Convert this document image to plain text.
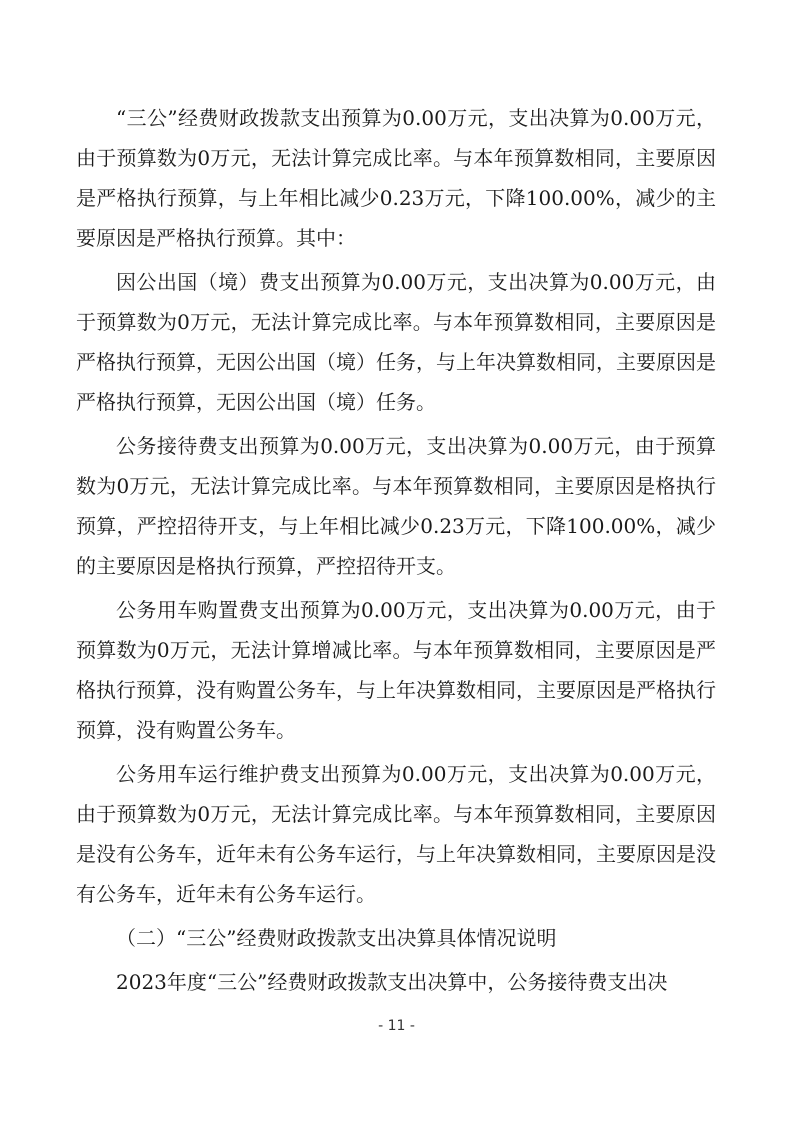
“三公”经费财政拨款支出预算为0.00万元，支出决算为0.00万元，由于预算数为0万元，无法计算完成比率。与本年预算数相同，主要原因是严格执行预算，与上年相比减少0.23万元，下降100.00%，减少的主要原因是严格执行预算。其中：

因公出国（境）费支出预算为0.00万元，支出决算为0.00万元，由于预算数为0万元，无法计算完成比率。与本年预算数相同，主要原因是严格执行预算，无因公出国（境）任务，与上年决算数相同，主要原因是严格执行预算，无因公出国（境）任务。

公务接待费支出预算为0.00万元，支出决算为0.00万元，由于预算数为0万元，无法计算完成比率。与本年预算数相同，主要原因是格执行预算，严控招待开支，与上年相比减少0.23万元，下降100.00%，减少的主要原因是格执行预算，严控招待开支。

公务用车购置费支出预算为0.00万元，支出决算为0.00万元，由于预算数为0万元，无法计算增减比率。与本年预算数相同，主要原因是严格执行预算，没有购置公务车，与上年决算数相同，主要原因是严格执行预算，没有购置公务车。

公务用车运行维护费支出预算为0.00万元，支出决算为0.00万元，由于预算数为0万元，无法计算完成比率。与本年预算数相同，主要原因是没有公务车，近年未有公务车运行，与上年决算数相同，主要原因是没有公务车，近年未有公务车运行。

（二）“三公”经费财政拨款支出决算具体情况说明

2023年度“三公”经费财政拨款支出决算中，公务接待费支出决

- 11 -
